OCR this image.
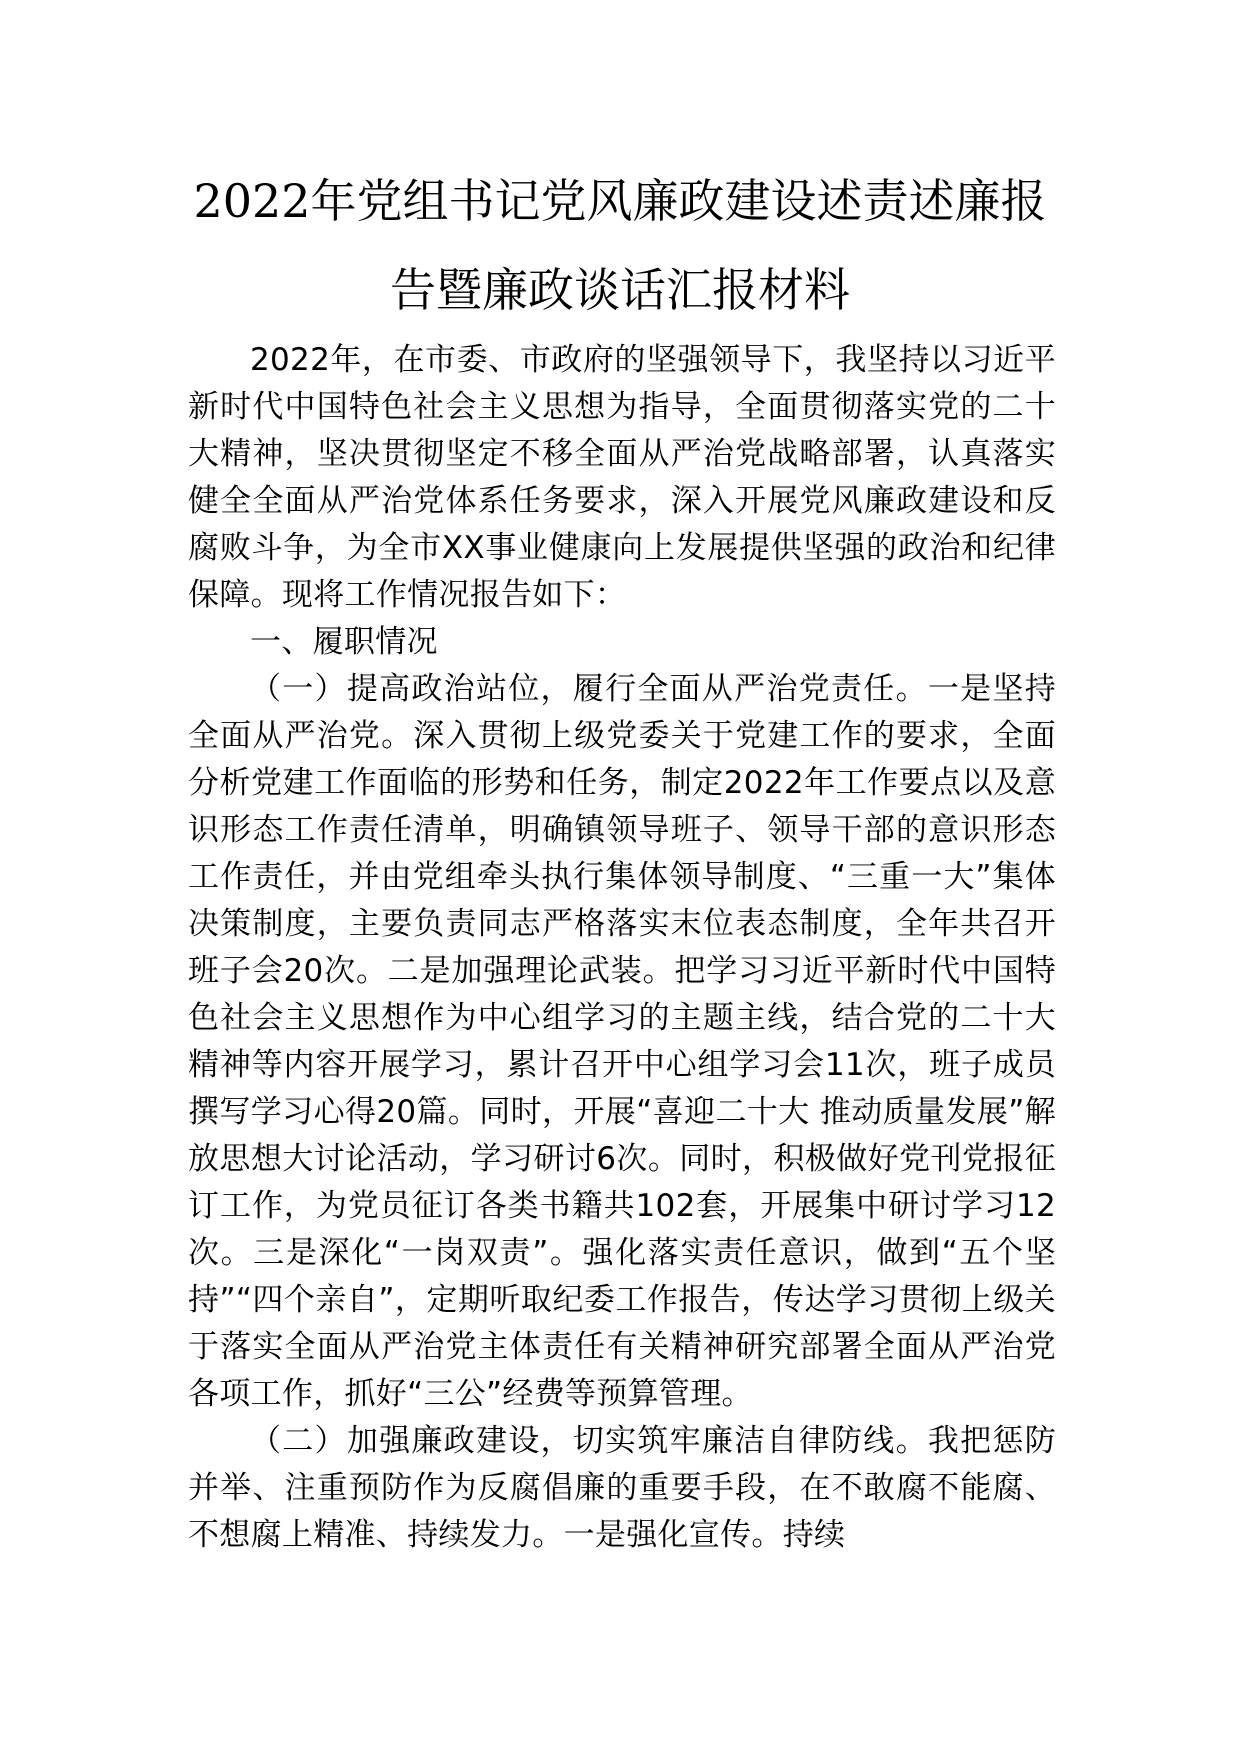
2022年党组书记党风廉政建设述责述廉报
告暨廉政谈话汇报材料

2022年，在市委、市政府的坚强领导下，我坚持以习近平新时代中国特色社会主义思想为指导，全面贯彻落实党的二十大精神，坚决贯彻坚定不移全面从严治党战略部署，认真落实健全全面从严治党体系任务要求，深入开展党风廉政建设和反腐败斗争，为全市XX事业健康向上发展提供坚强的政治和纪律保障。现将工作情况报告如下：

一、履职情况

（一）提高政治站位，履行全面从严治党责任。一是坚持全面从严治党。深入贯彻上级党委关于党建工作的要求，全面分析党建工作面临的形势和任务，制定2022年工作要点以及意识形态工作责任清单，明确镇领导班子、领导干部的意识形态工作责任，并由党组牵头执行集体领导制度、“三重一大”集体决策制度，主要负责同志严格落实末位表态制度，全年共召开班子会20次。二是加强理论武装。把学习习近平新时代中国特色社会主义思想作为中心组学习的主题主线，结合党的二十大精神等内容开展学习，累计召开中心组学习会11次，班子成员撰写学习心得20篇。同时，开展“喜迎二十大 推动质量发展”解放思想大讨论活动，学习研讨6次。同时，积极做好党刊党报征订工作，为党员征订各类书籍共102套，开展集中研讨学习12次。三是深化“一岗双责”。强化落实责任意识，做到“五个坚持”“四个亲自”，定期听取纪委工作报告，传达学习贯彻上级关于落实全面从严治党主体责任有关精神研究部署全面从严治党各项工作，抓好“三公”经费等预算管理。

（二）加强廉政建设，切实筑牢廉洁自律防线。我把惩防并举、注重预防作为反腐倡廉的重要手段，在不敢腐不能腐、不想腐上精准、持续发力。一是强化宣传。持续
